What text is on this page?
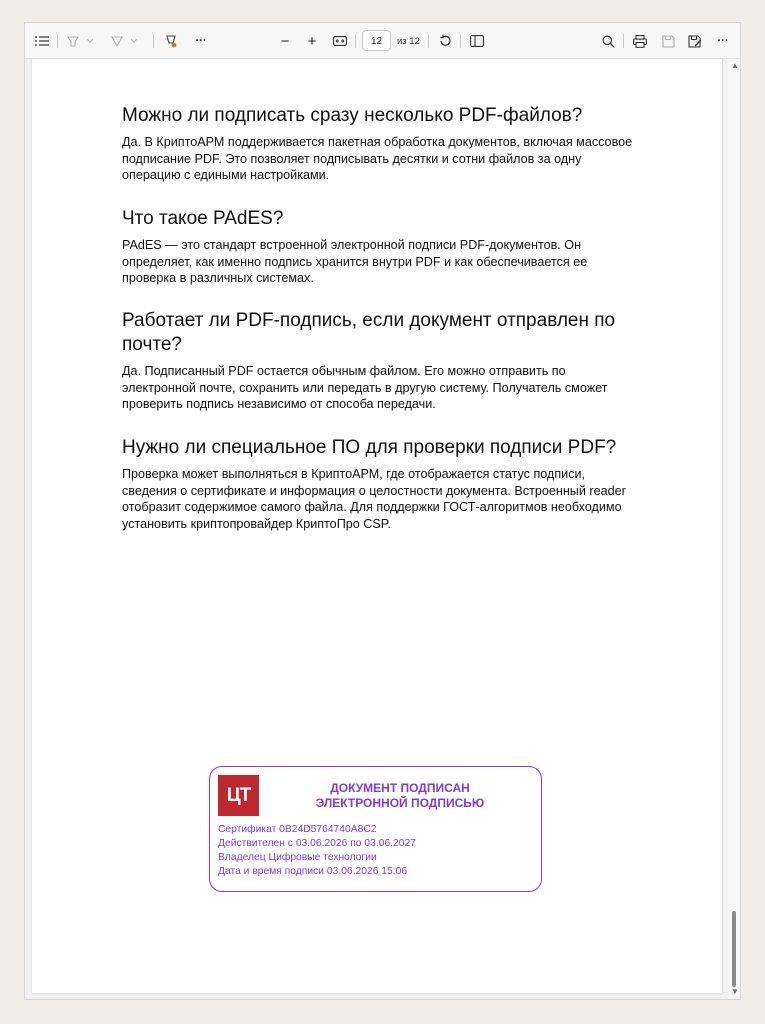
···	− +	12	из 12	···
Можно ли подписать сразу несколько PDF-файлов?

Да. В КриптоАРМ поддерживается пакетная обработка документов, включая массовое
подписание PDF. Это позволяет подписывать десятки и сотни файлов за одну
операцию с едиными настройками.

Что такое PAdES?

PAdES — это стандарт встроенной электронной подписи PDF-документов. Он
определяет, как именно подпись хранится внутри PDF и как обеспечивается ее
проверка в различных системах.

Работает ли PDF-подпись, если документ отправлен по
почте?

Да. Подписанный PDF остается обычным файлом. Его можно отправить по
электронной почте, сохранить или передать в другую систему. Получатель сможет
проверить подпись независимо от способа передачи.

Нужно ли специальное ПО для проверки подписи PDF?

Проверка может выполняться в КриптоАРМ, где отображается статус подписи,
сведения о сертификате и информация о целостности документа. Встроенный reader
отобразит содержимое самого файла. Для поддержки ГОСТ-алгоритмов необходимо
установить криптопровайдер КриптоПро CSP.

ЦТ	ДОКУМЕНТ ПОДПИСАН
ЭЛЕКТРОННОЙ ПОДПИСЬЮ
Сертификат 0B24D5764740A8C2
Действителен с 03.06.2026 по 03.06.2027
Владелец Цифровые технологии
Дата и время подписи 03.06.2026 15:06
▲
▼
